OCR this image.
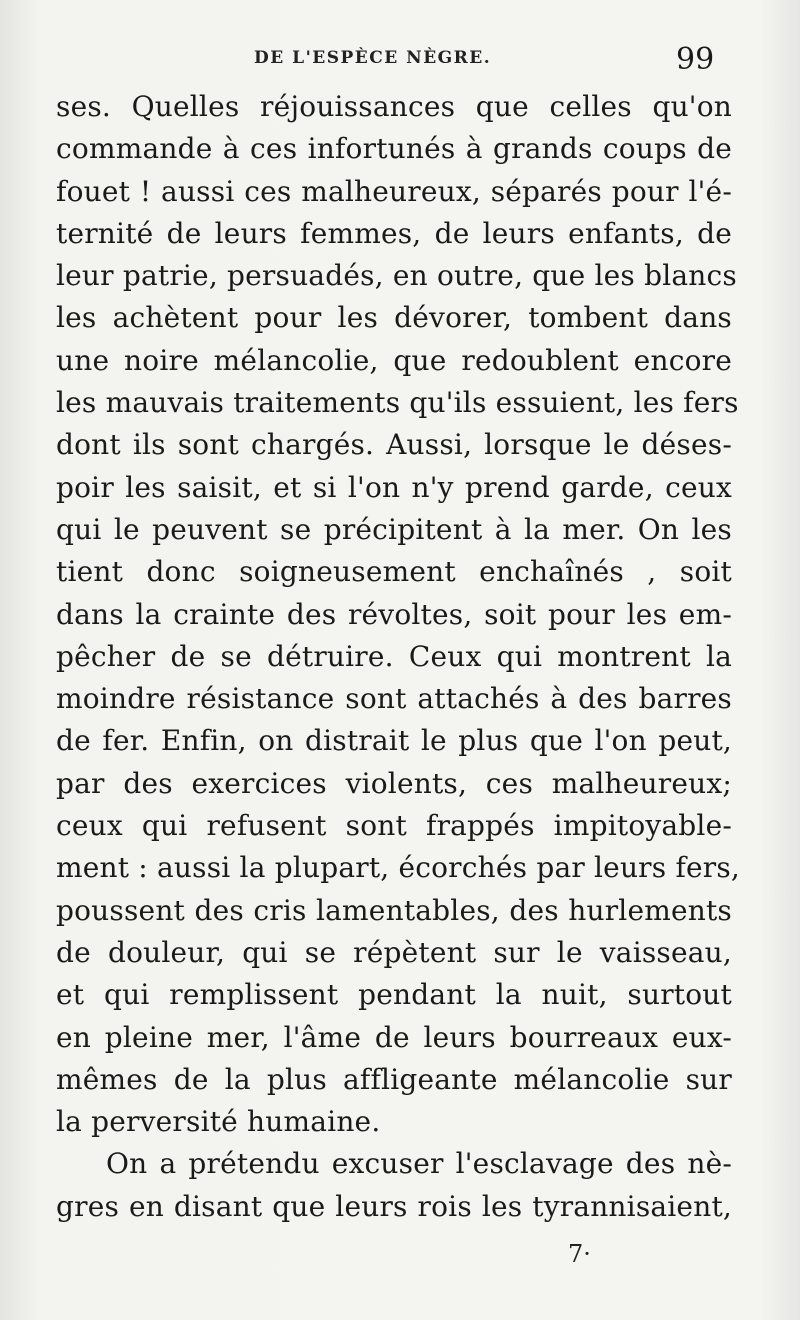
DE L'ESPÈCE NÈGRE.	99
ses. Quelles réjouissances que celles qu'on
commande à ces infortunés à grands coups de
fouet ! aussi ces malheureux, séparés pour l'é-
ternité de leurs femmes, de leurs enfants, de
leur patrie, persuadés, en outre, que les blancs
les achètent pour les dévorer, tombent dans
une noire mélancolie, que redoublent encore
les mauvais traitements qu'ils essuient, les fers
dont ils sont chargés. Aussi, lorsque le déses-
poir les saisit, et si l'on n'y prend garde, ceux
qui le peuvent se précipitent à la mer. On les
tient donc soigneusement enchaînés , soit
dans la crainte des révoltes, soit pour les em-
pêcher de se détruire. Ceux qui montrent la
moindre résistance sont attachés à des barres
de fer. Enfin, on distrait le plus que l'on peut,
par des exercices violents, ces malheureux;
ceux qui refusent sont frappés impitoyable-
ment : aussi la plupart, écorchés par leurs fers,
poussent des cris lamentables, des hurlements
de douleur, qui se répètent sur le vaisseau,
et qui remplissent pendant la nuit, surtout
en pleine mer, l'âme de leurs bourreaux eux-
mêmes de la plus affligeante mélancolie sur
la perversité humaine.
On a prétendu excuser l'esclavage des nè-
gres en disant que leurs rois les tyrannisaient,
7·
